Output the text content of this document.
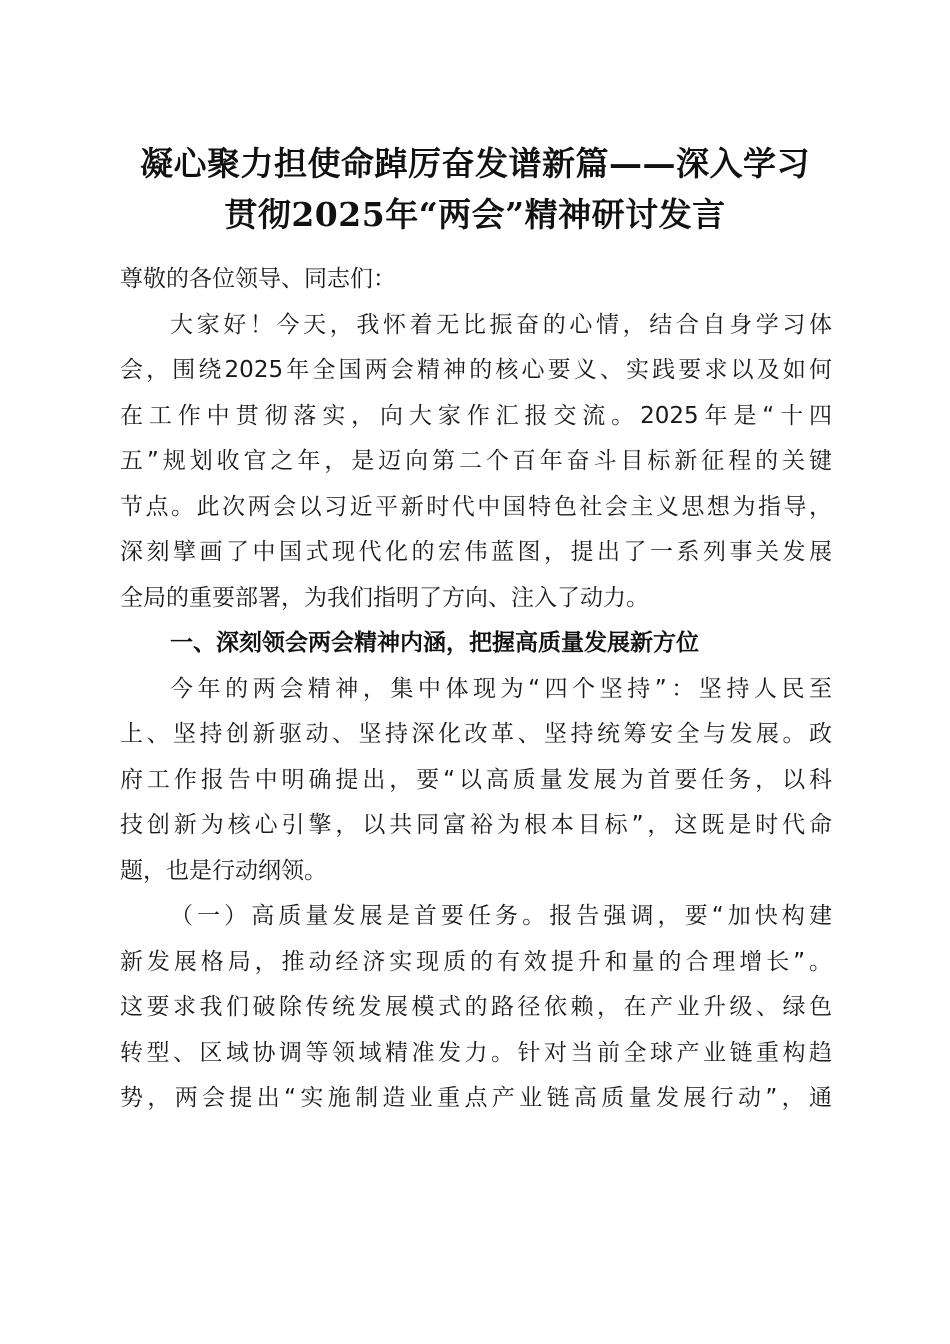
凝心聚力担使命踔厉奋发谱新篇——深入学习
贯彻2025年“两会”精神研讨发言
尊敬的各位领导、同志们：
大家好！今天，我怀着无比振奋的心情，结合自身学习体
会，围绕2025年全国两会精神的核心要义、实践要求以及如何
在工作中贯彻落实，向大家作汇报交流。2025年是“十四
五”规划收官之年，是迈向第二个百年奋斗目标新征程的关键
节点。此次两会以习近平新时代中国特色社会主义思想为指导，
深刻擘画了中国式现代化的宏伟蓝图，提出了一系列事关发展
全局的重要部署，为我们指明了方向、注入了动力。
一、深刻领会两会精神内涵，把握高质量发展新方位
今年的两会精神，集中体现为“四个坚持”：坚持人民至
上、坚持创新驱动、坚持深化改革、坚持统筹安全与发展。政
府工作报告中明确提出，要“以高质量发展为首要任务，以科
技创新为核心引擎，以共同富裕为根本目标”，这既是时代命
题，也是行动纲领。
（一）高质量发展是首要任务。报告强调，要“加快构建
新发展格局，推动经济实现质的有效提升和量的合理增长”。
这要求我们破除传统发展模式的路径依赖，在产业升级、绿色
转型、区域协调等领域精准发力。针对当前全球产业链重构趋
势，两会提出“实施制造业重点产业链高质量发展行动”，通
